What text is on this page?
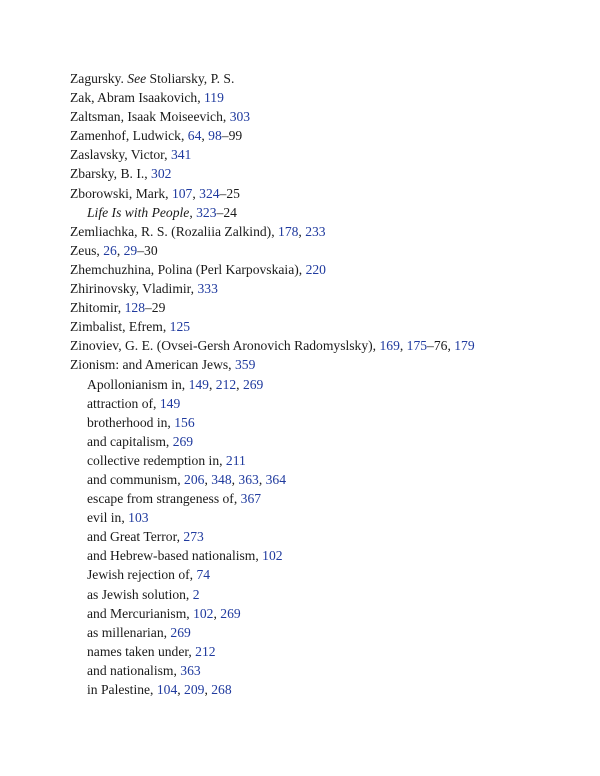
Zagursky. See Stoliarsky, P. S.
Zak, Abram Isaakovich, 119
Zaltsman, Isaak Moiseevich, 303
Zamenhof, Ludwick, 64, 98–99
Zaslavsky, Victor, 341
Zbarsky, B. I., 302
Zborowski, Mark, 107, 324–25
Life Is with People, 323–24
Zemliachka, R. S. (Rozaliia Zalkind), 178, 233
Zeus, 26, 29–30
Zhemchuzhina, Polina (Perl Karpovskaia), 220
Zhirinovsky, Vladimir, 333
Zhitomir, 128–29
Zimbalist, Efrem, 125
Zinoviev, G. E. (Ovsei-Gersh Aronovich Radomyslsky), 169, 175–76, 179
Zionism: and American Jews, 359
Apollonianism in, 149, 212, 269
attraction of, 149
brotherhood in, 156
and capitalism, 269
collective redemption in, 211
and communism, 206, 348, 363, 364
escape from strangeness of, 367
evil in, 103
and Great Terror, 273
and Hebrew-based nationalism, 102
Jewish rejection of, 74
as Jewish solution, 2
and Mercurianism, 102, 269
as millenarian, 269
names taken under, 212
and nationalism, 363
in Palestine, 104, 209, 268
